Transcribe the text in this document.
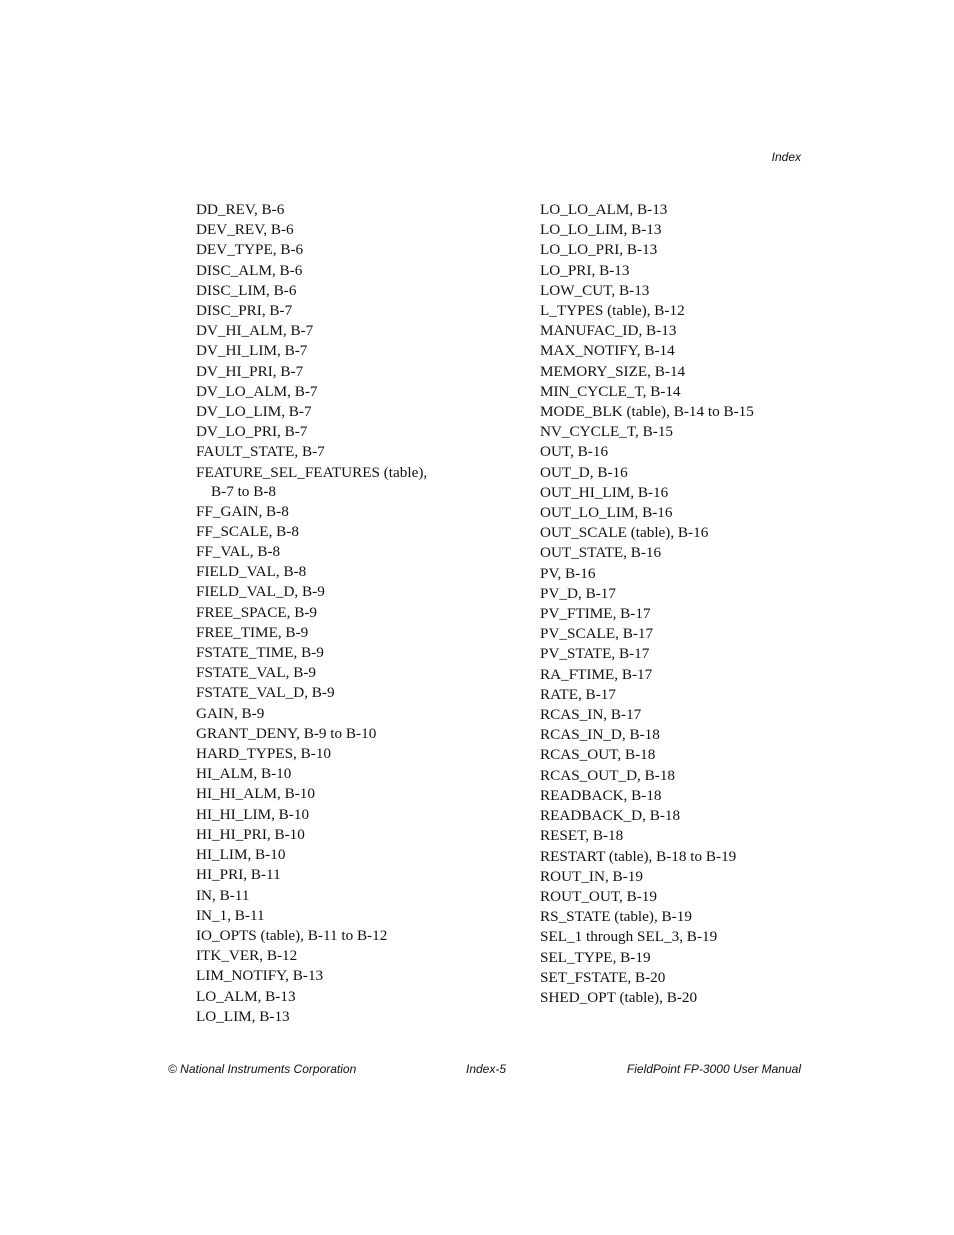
Index
DD_REV, B-6
DEV_REV, B-6
DEV_TYPE, B-6
DISC_ALM, B-6
DISC_LIM, B-6
DISC_PRI, B-7
DV_HI_ALM, B-7
DV_HI_LIM, B-7
DV_HI_PRI, B-7
DV_LO_ALM, B-7
DV_LO_LIM, B-7
DV_LO_PRI, B-7
FAULT_STATE, B-7
FEATURE_SEL_FEATURES (table), B-7 to B-8
FF_GAIN, B-8
FF_SCALE, B-8
FF_VAL, B-8
FIELD_VAL, B-8
FIELD_VAL_D, B-9
FREE_SPACE, B-9
FREE_TIME, B-9
FSTATE_TIME, B-9
FSTATE_VAL, B-9
FSTATE_VAL_D, B-9
GAIN, B-9
GRANT_DENY, B-9 to B-10
HARD_TYPES, B-10
HI_ALM, B-10
HI_HI_ALM, B-10
HI_HI_LIM, B-10
HI_HI_PRI, B-10
HI_LIM, B-10
HI_PRI, B-11
IN, B-11
IN_1, B-11
IO_OPTS (table), B-11 to B-12
ITK_VER, B-12
LIM_NOTIFY, B-13
LO_ALM, B-13
LO_LIM, B-13
LO_LO_ALM, B-13
LO_LO_LIM, B-13
LO_LO_PRI, B-13
LO_PRI, B-13
LOW_CUT, B-13
L_TYPES (table), B-12
MANUFAC_ID, B-13
MAX_NOTIFY, B-14
MEMORY_SIZE, B-14
MIN_CYCLE_T, B-14
MODE_BLK (table), B-14 to B-15
NV_CYCLE_T, B-15
OUT, B-16
OUT_D, B-16
OUT_HI_LIM, B-16
OUT_LO_LIM, B-16
OUT_SCALE (table), B-16
OUT_STATE, B-16
PV, B-16
PV_D, B-17
PV_FTIME, B-17
PV_SCALE, B-17
PV_STATE, B-17
RA_FTIME, B-17
RATE, B-17
RCAS_IN, B-17
RCAS_IN_D, B-18
RCAS_OUT, B-18
RCAS_OUT_D, B-18
READBACK, B-18
READBACK_D, B-18
RESET, B-18
RESTART (table), B-18 to B-19
ROUT_IN, B-19
ROUT_OUT, B-19
RS_STATE (table), B-19
SEL_1 through SEL_3, B-19
SEL_TYPE, B-19
SET_FSTATE, B-20
SHED_OPT (table), B-20
© National Instruments Corporation	Index-5	FieldPoint FP-3000 User Manual
